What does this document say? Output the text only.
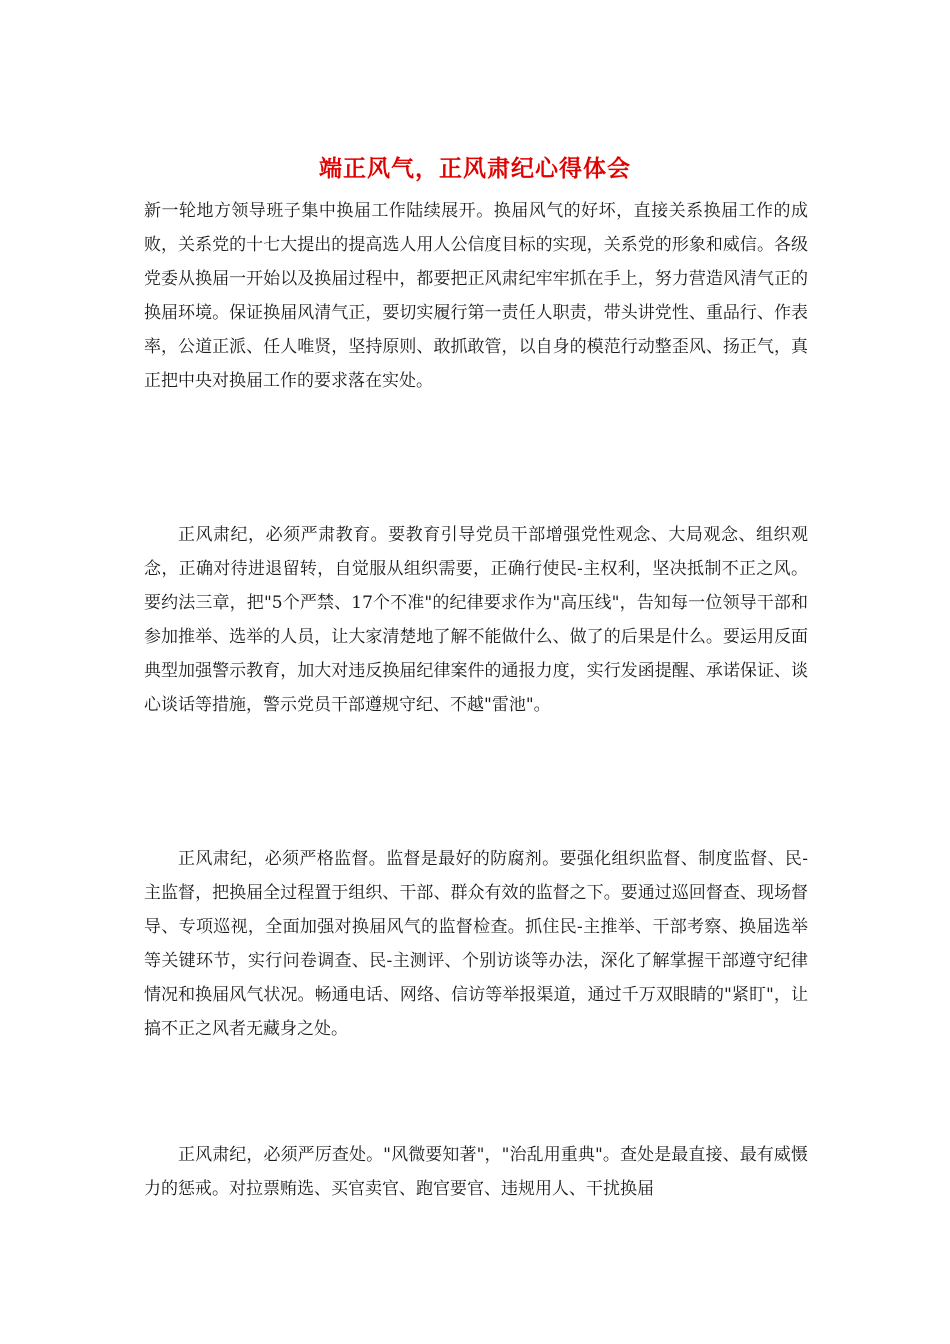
端正风气，正风肃纪心得体会

新一轮地方领导班子集中换届工作陆续展开。换届风气的好坏，直接关系换届工作的成败，关系党的十七大提出的提高选人用人公信度目标的实现，关系党的形象和威信。各级党委从换届一开始以及换届过程中，都要把正风肃纪牢牢抓在手上，努力营造风清气正的换届环境。保证换届风清气正，要切实履行第一责任人职责，带头讲党性、重品行、作表率，公道正派、任人唯贤，坚持原则、敢抓敢管，以自身的模范行动整歪风、扬正气，真正把中央对换届工作的要求落在实处。

正风肃纪，必须严肃教育。要教育引导党员干部增强党性观念、大局观念、组织观念，正确对待进退留转，自觉服从组织需要，正确行使民-主权利，坚决抵制不正之风。要约法三章，把"5个严禁、17个不准"的纪律要求作为"高压线"，告知每一位领导干部和参加推举、选举的人员，让大家清楚地了解不能做什么、做了的后果是什么。要运用反面典型加强警示教育，加大对违反换届纪律案件的通报力度，实行发函提醒、承诺保证、谈心谈话等措施，警示党员干部遵规守纪、不越"雷池"。

正风肃纪，必须严格监督。监督是最好的防腐剂。要强化组织监督、制度监督、民-主监督，把换届全过程置于组织、干部、群众有效的监督之下。要通过巡回督查、现场督导、专项巡视，全面加强对换届风气的监督检查。抓住民-主推举、干部考察、换届选举等关键环节，实行问卷调查、民-主测评、个别访谈等办法，深化了解掌握干部遵守纪律情况和换届风气状况。畅通电话、网络、信访等举报渠道，通过千万双眼睛的"紧盯"，让搞不正之风者无藏身之处。

正风肃纪，必须严厉查处。"风微要知著"，"治乱用重典"。查处是最直接、最有威慑力的惩戒。对拉票贿选、买官卖官、跑官要官、违规用人、干扰换届
